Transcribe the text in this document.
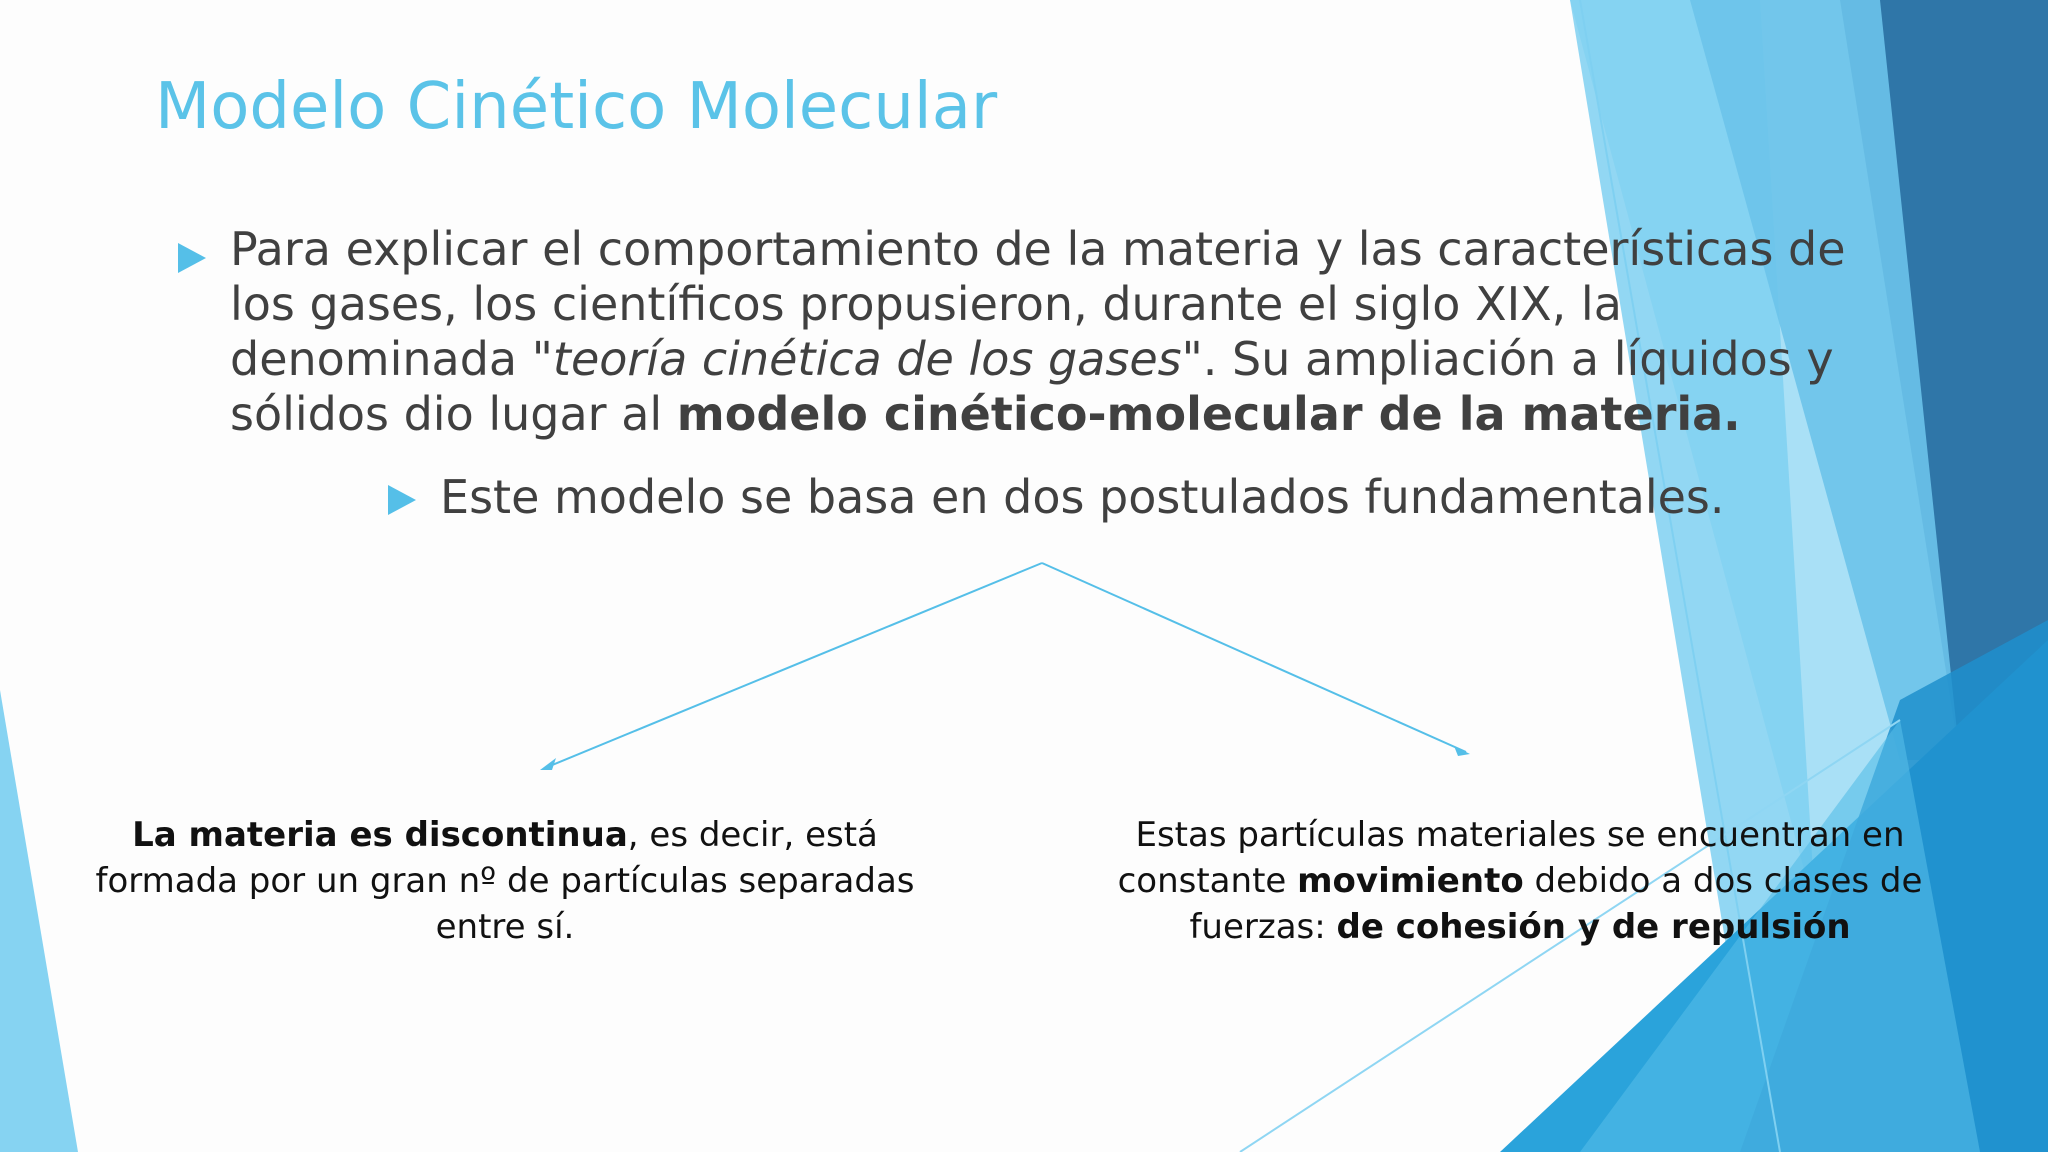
Modelo Cinético Molecular

Para explicar el comportamiento de la materia y las características de los gases, los científicos propusieron, durante el siglo XIX, la denominada "teoría cinética de los gases". Su ampliación a líquidos y sólidos dio lugar al modelo cinético-molecular de la materia.

Este modelo se basa en dos postulados fundamentales.

La materia es discontinua, es decir, está formada por un gran nº de partículas separadas entre sí.
Estas partículas materiales se encuentran en constante movimiento debido a dos clases de fuerzas: de cohesión y de repulsión
